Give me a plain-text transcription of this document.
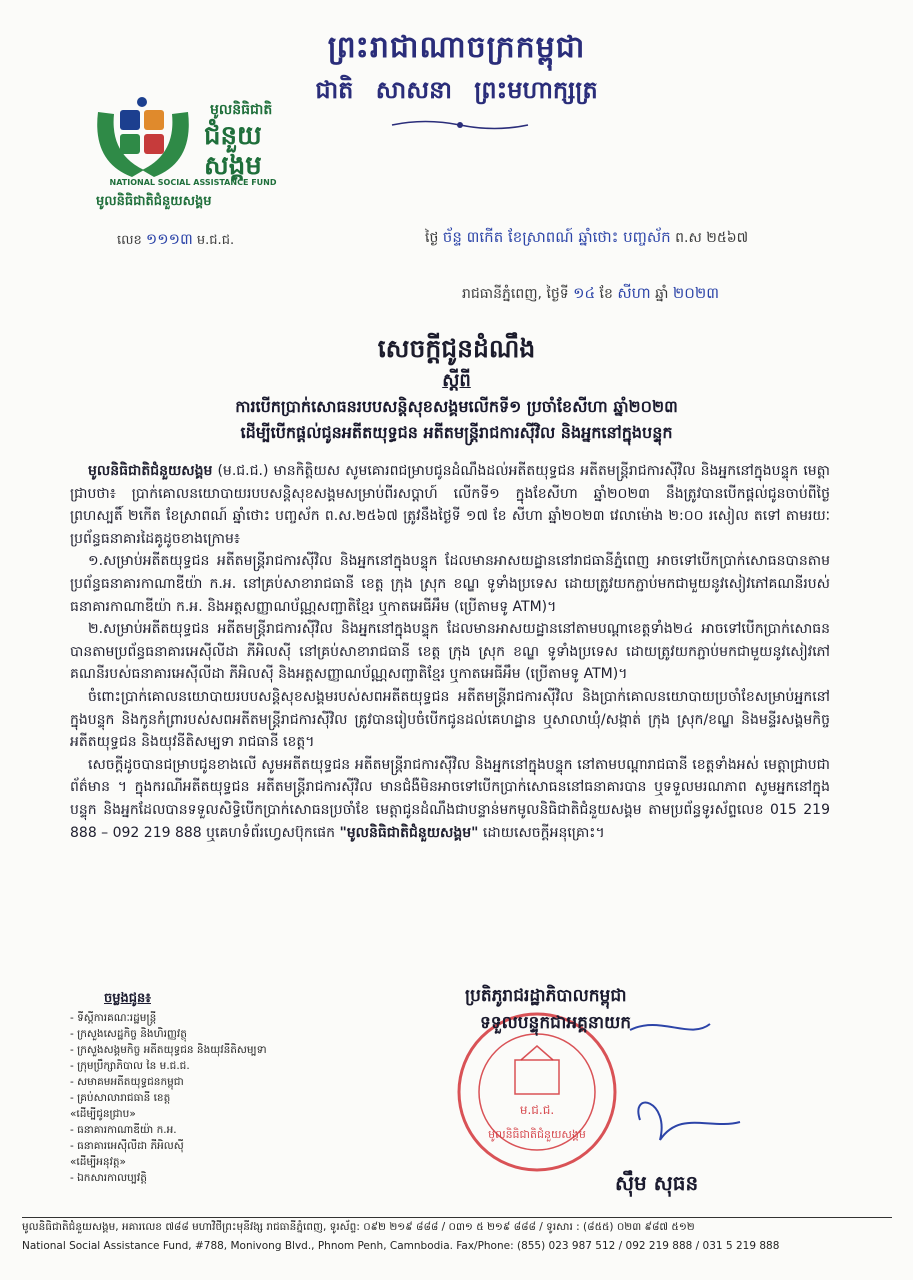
ព្រះរាជាណាចក្រកម្ពុជា
ជាតិ សាសនា ព្រះមហាក្សត្រ
មូលនិធិជាតិ
ជំនួយ
សង្គម
NATIONAL SOCIAL ASSISTANCE FUND
មូលនិធិជាតិជំនួយសង្គម
លេខ ១១១៣ ម.ជ.ជ.	ថ្ងៃ ច័ន្ទ ៣កើត ខែស្រាពណ៍ ឆ្នាំថោះ បញ្ចស័ក ព.ស ២៥៦៧
រាជធានីភ្នំពេញ, ថ្ងៃទី ១៤ ខែ សីហា ឆ្នាំ ២០២៣
សេចក្តីជូនដំណឹង
ស្តីពី
ការបើកប្រាក់សោធនរបបសន្តិសុខសង្គមលើកទី១ ប្រចាំខែសីហា ឆ្នាំ២០២៣
ដើម្បីបើកផ្តល់ជូនអតីតយុទ្ធជន អតីតមន្ត្រីរាជការស៊ីវិល និងអ្នកនៅក្នុងបន្ទុក

មូលនិធិជាតិជំនួយសង្គម (ម.ជ.ជ.) មានកិត្តិយស សូមគោរពជម្រាបជូនដំណឹងដល់អតីតយុទ្ធជន អតីតមន្ត្រីរាជការស៊ីវិល និងអ្នកនៅក្នុងបន្ទុក មេត្តាជ្រាបថា៖ ប្រាក់គោលនយោបាយរបបសន្តិសុខសង្គមសម្រាប់ពីរសប្តាហ៍ លើកទី១ ក្នុងខែសីហា ឆ្នាំ២០២៣ នឹងត្រូវបានបើកផ្តល់ជូនចាប់ពីថ្ងៃ ព្រហស្បតិ៍ ២កើត ខែស្រាពណ៍ ឆ្នាំថោះ បញ្ចស័ក ព.ស.២៥៦៧ ត្រូវនឹងថ្ងៃទី ១៧ ខែ សីហា ឆ្នាំ២០២៣ វេលាម៉ោង ២:០០ រសៀល តទៅ តាមរយៈប្រព័ន្ធធនាគារដៃគូដូចខាងក្រោម៖

១.សម្រាប់អតីតយុទ្ធជន អតីតមន្ត្រីរាជការស៊ីវិល និងអ្នកនៅក្នុងបន្ទុក ដែលមានអាសយដ្ឋាននៅរាជធានីភ្នំពេញ អាចទៅបើកប្រាក់សោធនបានតាមប្រព័ន្ធធនាគារកាណាឌីយ៉ា ក.អ. នៅគ្រប់សាខារាជធានី ខេត្ត ក្រុង ស្រុក ខណ្ឌ ទូទាំងប្រទេស ដោយត្រូវយកភ្ជាប់មកជាមួយនូវសៀវភៅគណនីរបស់ធនាគារកាណាឌីយ៉ា ក.អ. និងអត្តសញ្ញាណប័ណ្ណសញ្ជាតិខ្មែរ ឬកាតអេធីអឹម (ប្រើតាមទូ ATM)។

២.សម្រាប់អតីតយុទ្ធជន អតីតមន្ត្រីរាជការស៊ីវិល និងអ្នកនៅក្នុងបន្ទុក ដែលមានអាសយដ្ឋាននៅតាមបណ្តាខេត្តទាំង២៤ អាចទៅបើកប្រាក់សោធនបានតាមប្រព័ន្ធធនាគារអេស៊ីលីដា ភីអិលស៊ី នៅគ្រប់សាខារាជធានី ខេត្ត ក្រុង ស្រុក ខណ្ឌ ទូទាំងប្រទេស ដោយត្រូវយកភ្ជាប់មកជាមួយនូវសៀវភៅគណនីរបស់ធនាគារអេស៊ីលីដា ភីអិលស៊ី និងអត្តសញ្ញាណប័ណ្ណសញ្ជាតិខ្មែរ ឬកាតអេធីអឹម (ប្រើតាមទូ ATM)។

ចំពោះប្រាក់គោលនយោបាយរបបសន្តិសុខសង្គមរបស់សពអតីតយុទ្ធជន អតីតមន្ត្រីរាជការស៊ីវិល និងប្រាក់គោលនយោបាយប្រចាំខែសម្រាប់អ្នកនៅក្នុងបន្ទុក និងកូនកំព្រារបស់សពអតីតមន្ត្រីរាជការស៊ីវិល ត្រូវបានរៀបចំបើកជូនដល់គេហដ្ឋាន ឬសាលាឃុំ/សង្កាត់ ក្រុង ស្រុក/ខណ្ឌ និងមន្ទីរសង្គមកិច្ច អតីតយុទ្ធជន និងយុវនីតិសម្បទា រាជធានី ខេត្ត។

សេចក្តីដូចបានជម្រាបជូនខាងលើ សូមអតីតយុទ្ធជន អតីតមន្ត្រីរាជការស៊ីវិល និងអ្នកនៅក្នុងបន្ទុក នៅតាមបណ្តារាជធានី ខេត្តទាំងអស់ មេត្តាជ្រាបជាព័ត៌មាន ។ ក្នុងករណីអតីតយុទ្ធជន អតីតមន្ត្រីរាជការស៊ីវិល មានជំងឺមិនអាចទៅបើកប្រាក់សោធននៅធនាគារបាន ឬទទួលមរណភាព សូមអ្នកនៅក្នុងបន្ទុក និងអ្នកដែលបានទទួលសិទ្ធិបើកប្រាក់សោធនប្រចាំខែ មេត្តាជូនដំណឹងជាបន្ទាន់មកមូលនិធិជាតិជំនួយសង្គម តាមប្រព័ន្ធទូរស័ព្ទលេខ 015 219 888 – 092 219 888 ឬគេហទំព័រហ្វេសប៊ុកផេក "មូលនិធិជាតិជំនួយសង្គម" ដោយសេចក្តីអនុគ្រោះ។

ចម្លងជូន៖
- ទីស្តីការគណៈរដ្ឋមន្ត្រី
- ក្រសួងសេដ្ឋកិច្ច និងហិរញ្ញវត្ថុ
- ក្រសួងសង្គមកិច្ច អតីតយុទ្ធជន និងយុវនីតិសម្បទា
- ក្រុមប្រឹក្សាភិបាល នៃ ម.ជ.ជ.
- សមាគមអតីតយុទ្ធជនកម្ពុជា
- គ្រប់សាលារាជធានី ខេត្ត
«ដើម្បីជូនជ្រាប»
- ធនាគារកាណាឌីយ៉ា ក.អ.
- ធនាគារអេស៊ីលីដា ភីអិលស៊ី
«ដើម្បីអនុវត្ត»
- ឯកសារកាលប្បវត្តិ
ម.ជ.ជ.
មូលនិធិជាតិជំនួយសង្គម
ប្រតិភូរាជរដ្ឋាភិបាលកម្ពុជា
ទទួលបន្ទុកជាអគ្គនាយក
ស៊ឹម សុធន
មូលនិធិជាតិជំនួយសង្គម, អគារលេខ ៧៨៨ មហាវិថីព្រះមុនីវង្ស រាជធានីភ្នំពេញ, ទូរស័ព្ទ: ០៩២ ២១៩ ៨៨៨ / ០៣១ ៥ ២១៩ ៨៨៨ / ទូរសារ : (៨៥៥) ០២៣ ៩៨៧ ៥១២
National Social Assistance Fund, #788, Monivong Blvd., Phnom Penh, Camnbodia. Fax/Phone: (855) 023 987 512 / 092 219 888 / 031 5 219 888
